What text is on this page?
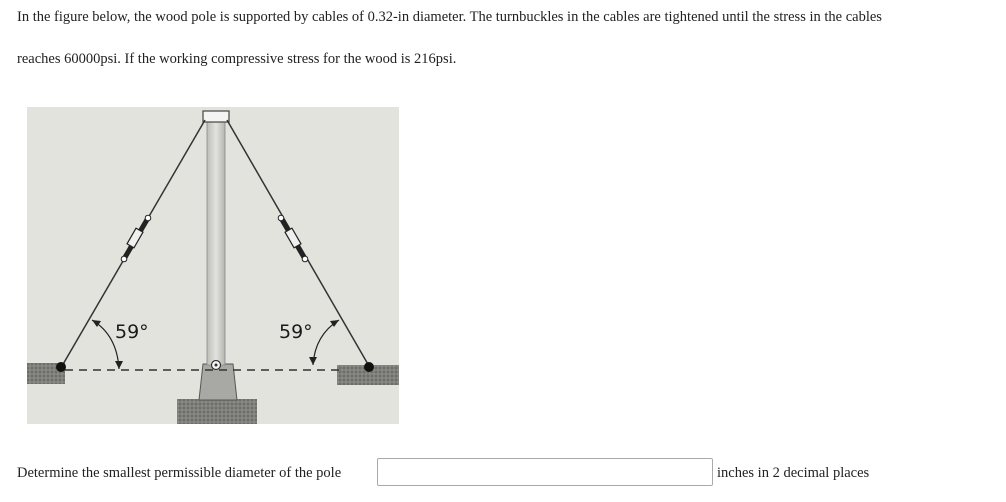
In the figure below, the wood pole is supported by cables of 0.32-in diameter. The turnbuckles in the cables are tightened until the stress in the cables
reaches 60000psi. If the working compressive stress for the wood is 216psi.
59°	59°
Determine the smallest permissible diameter of the pole	inches in 2 decimal places
